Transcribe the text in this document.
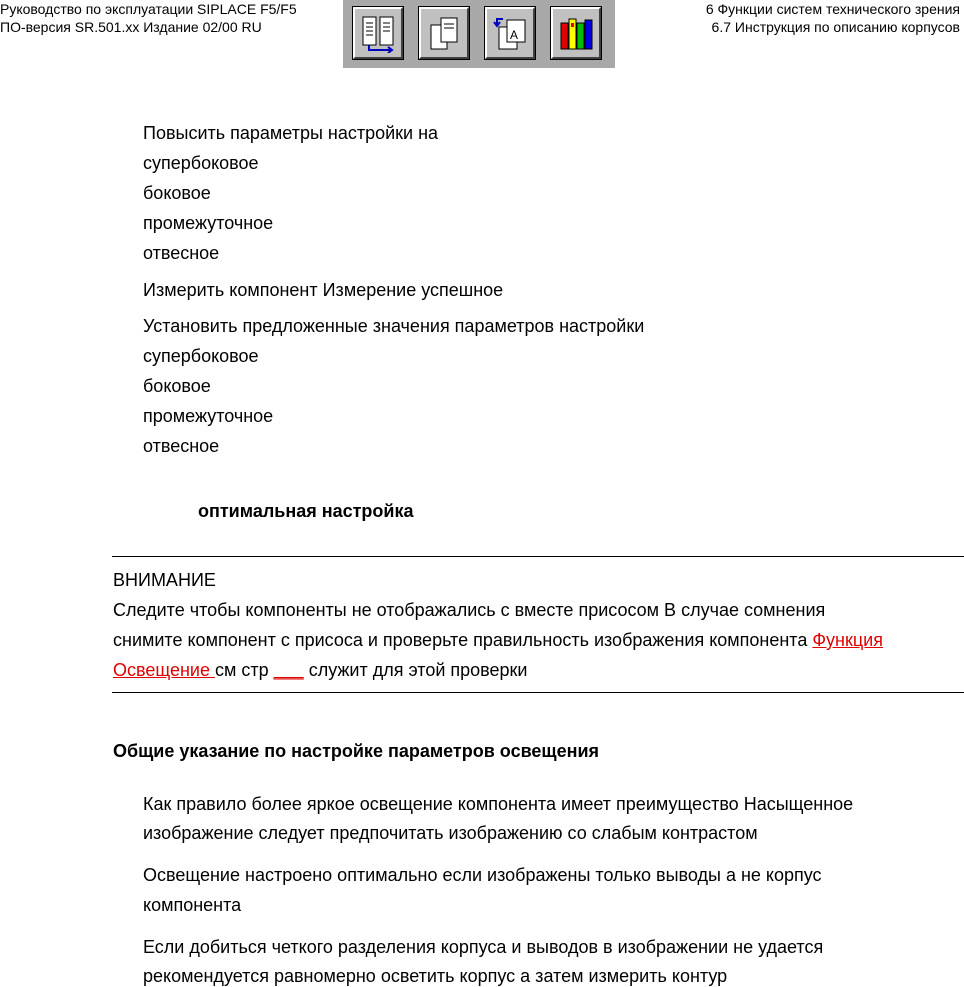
Руководство по эксплуатации SIPLACE F5/F5
ПО-версия SR.501.xx Издание 02/00 RU
6 Функции систем технического зрения
6.7 Инструкция по описанию корпусов
A
Повысить параметры настройки на
супербоковое
боковое
промежуточное
отвесное
Измерить компонент Измерение успешное
Установить предложенные значения параметров настройки
супербоковое
боковое
промежуточное
отвесное
оптимальная настройка
ВНИМАНИЕ
Следите чтобы компоненты не отображались с вместе присосом В случае сомнения
снимите компонент с присоса и проверьте правильность изображения компонента Функция
Освещение см стр ___ служит для этой проверки
Общие указание по настройке параметров освещения
Как правило более яркое освещение компонента имеет преимущество Насыщенное
изображение следует предпочитать изображению со слабым контрастом
Освещение настроено оптимально если изображены только выводы а не корпус
компонента
Если добиться четкого разделения корпуса и выводов в изображении не удается
рекомендуется равномерно осветить корпус а затем измерить контур
